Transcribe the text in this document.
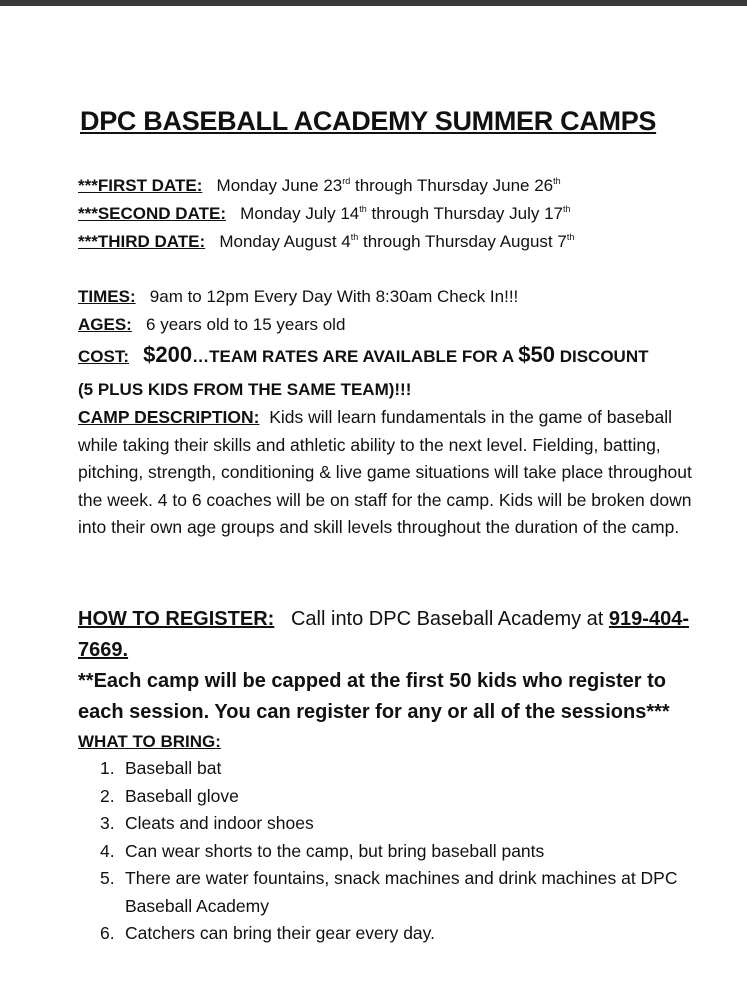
DPC BASEBALL ACADEMY SUMMER CAMPS
***FIRST DATE: Monday June 23rd through Thursday June 26th
***SECOND DATE: Monday July 14th through Thursday July 17th
***THIRD DATE: Monday August 4th through Thursday August 7th
TIMES: 9am to 12pm Every Day With 8:30am Check In!!!
AGES: 6 years old to 15 years old
COST: $200…TEAM RATES ARE AVAILABLE FOR A $50 DISCOUNT
(5 PLUS KIDS FROM THE SAME TEAM)!!!
CAMP DESCRIPTION: Kids will learn fundamentals in the game of baseball while taking their skills and athletic ability to the next level. Fielding, batting, pitching, strength, conditioning & live game situations will take place throughout the week. 4 to 6 coaches will be on staff for the camp. Kids will be broken down into their own age groups and skill levels throughout the duration of the camp.
HOW TO REGISTER: Call into DPC Baseball Academy at 919-404-7669.
**Each camp will be capped at the first 50 kids who register to each session. You can register for any or all of the sessions***
WHAT TO BRING:
1. Baseball bat
2. Baseball glove
3. Cleats and indoor shoes
4. Can wear shorts to the camp, but bring baseball pants
5. There are water fountains, snack machines and drink machines at DPC Baseball Academy
6. Catchers can bring their gear every day.
